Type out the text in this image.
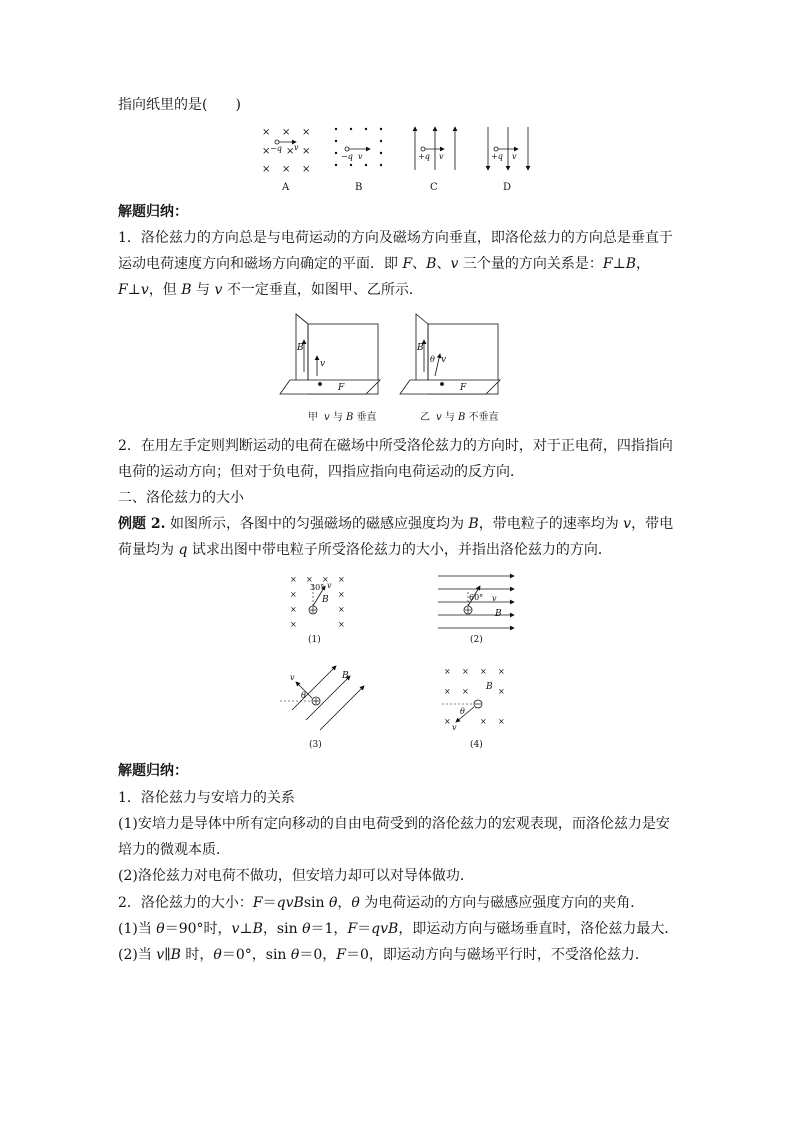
指向纸里的是(　　)
× × ×
× × ×
× × ×
−q v
A
−q v
B
+q v
C
+q v
D
解题归纳：
1．洛伦兹力的方向总是与电荷运动的方向及磁场方向垂直，即洛伦兹力的方向总是垂直于
运动电荷速度方向和磁场方向确定的平面．即 F、B、v 三个量的方向关系是：F⊥B，
F⊥v，但 B 与 v 不一定垂直，如图甲、乙所示．
B
v
F
B
θ v
F
甲 v 与 B 垂直	乙 v 与 B 不垂直
2．在用左手定则判断运动的电荷在磁场中所受洛伦兹力的方向时，对于正电荷，四指指向
电荷的运动方向；但对于负电荷，四指应指向电荷运动的反方向．
二、洛伦兹力的大小
例题 2. 如图所示，各图中的匀强磁场的磁感应强度均为 B，带电粒子的速率均为 v，带电
荷量均为 q 试求出图中带电粒子所受洛伦兹力的大小，并指出洛伦兹力的方向．
× × × ×
×	×
×	×
×	×
30° v
B
(1)
60° v
B
(2)
v
θ
B
(3)
× × × ×
× ×	×
×	× ×
θ
v
B
(4)
解题归纳：
1．洛伦兹力与安培力的关系
(1)安培力是导体中所有定向移动的自由电荷受到的洛伦兹力的宏观表现，而洛伦兹力是安
培力的微观本质．
(2)洛伦兹力对电荷不做功，但安培力却可以对导体做功．
2．洛伦兹力的大小：F＝qvBsin θ，θ 为电荷运动的方向与磁感应强度方向的夹角．
(1)当 θ＝90°时，v⊥B，sin θ＝1，F＝qvB，即运动方向与磁场垂直时，洛伦兹力最大．
(2)当 v∥B 时，θ＝0°，sin θ＝0，F＝0，即运动方向与磁场平行时，不受洛伦兹力．
